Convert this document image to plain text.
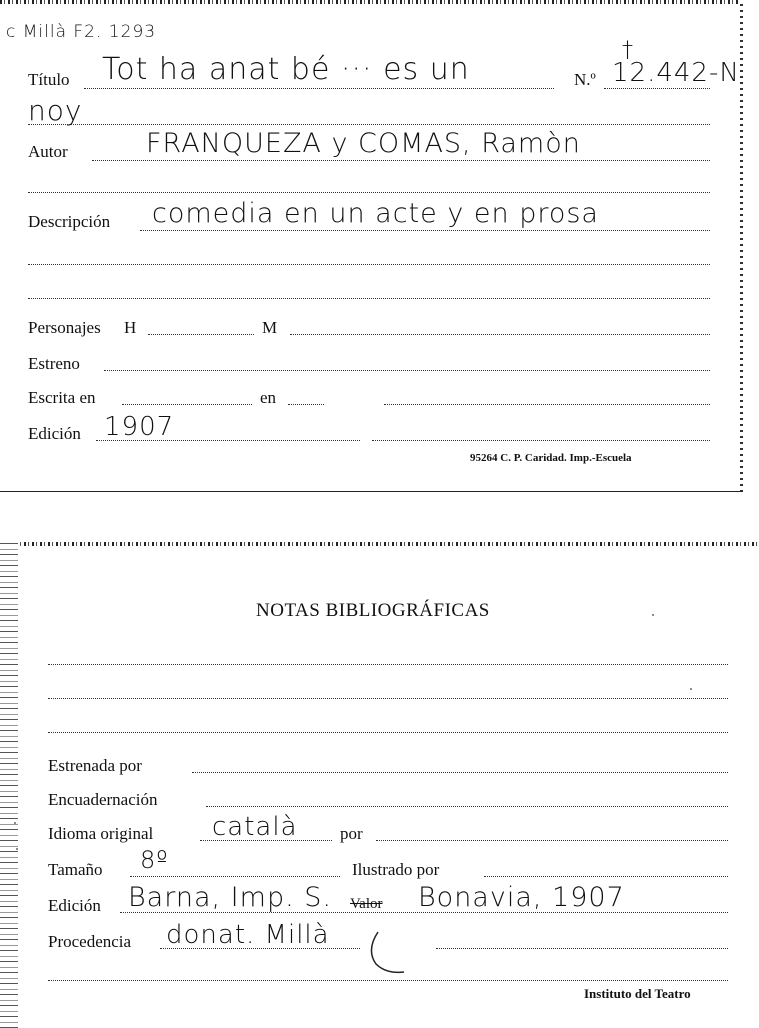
c Millà F2. 1293
Título Tot ha anat bé ··· es un	N.º 12.442-N
†
noy
Autor	FRANQUEZA y COMAS, Ramòn
Descripción comedia en un acte y en prosa
Personajes H	M
Estreno
Escrita en	en
Edición 1907
95264 C. P. Caridad. Imp.-Escuela
NOTAS BIBLIOGRÁFICAS
Estrenada por
Encuadernación
Idioma original català por
Tamaño 8º	Ilustrado por
Edición Barna, Imp. S. Valor Bonavia, 1907
Procedencia donat. Millà
Instituto del Teatro
